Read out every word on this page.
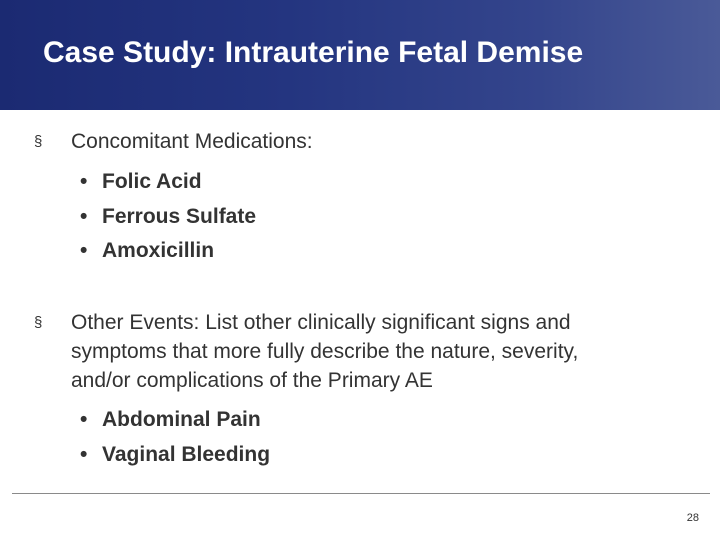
Case Study: Intrauterine Fetal Demise
§ Concomitant Medications:
• Folic Acid
• Ferrous Sulfate
• Amoxicillin
§ Other Events: List other clinically significant signs and
symptoms that more fully describe the nature, severity,
and/or complications of the Primary AE
• Abdominal Pain
• Vaginal Bleeding
28
